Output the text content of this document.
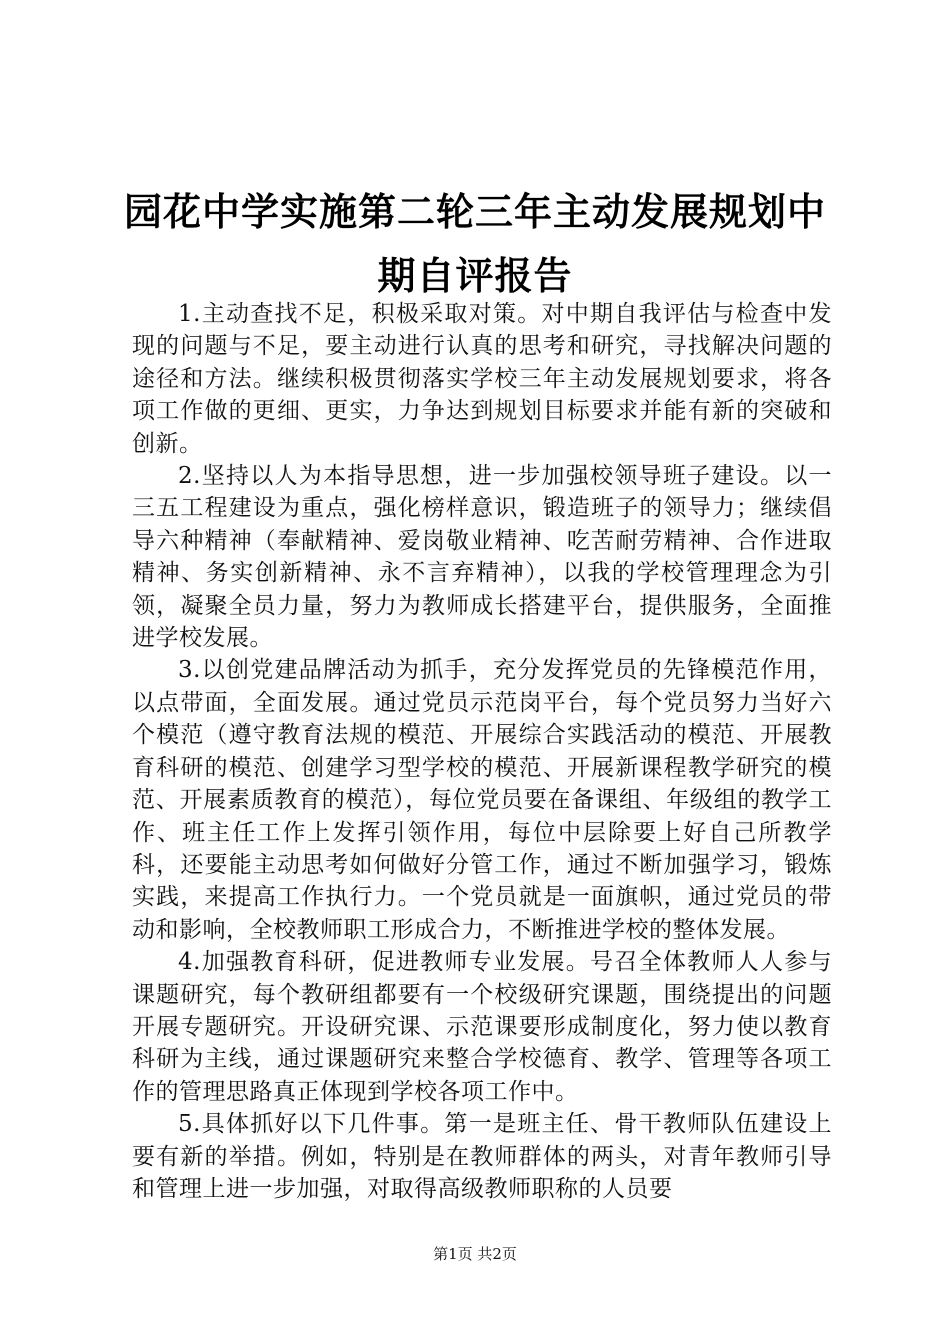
园花中学实施第二轮三年主动发展规划中期自评报告

1.主动查找不足，积极采取对策。对中期自我评估与检查中发现的问题与不足，要主动进行认真的思考和研究，寻找解决问题的途径和方法。继续积极贯彻落实学校三年主动发展规划要求，将各项工作做的更细、更实，力争达到规划目标要求并能有新的突破和创新。

2.坚持以人为本指导思想，进一步加强校领导班子建设。以一三五工程建设为重点，强化榜样意识，锻造班子的领导力；继续倡导六种精神（奉献精神、爱岗敬业精神、吃苦耐劳精神、合作进取精神、务实创新精神、永不言弃精神），以我的学校管理理念为引领，凝聚全员力量，努力为教师成长搭建平台，提供服务，全面推进学校发展。

3.以创党建品牌活动为抓手，充分发挥党员的先锋模范作用，以点带面，全面发展。通过党员示范岗平台，每个党员努力当好六个模范（遵守教育法规的模范、开展综合实践活动的模范、开展教育科研的模范、创建学习型学校的模范、开展新课程教学研究的模范、开展素质教育的模范），每位党员要在备课组、年级组的教学工作、班主任工作上发挥引领作用，每位中层除要上好自己所教学科，还要能主动思考如何做好分管工作，通过不断加强学习，锻炼实践，来提高工作执行力。一个党员就是一面旗帜，通过党员的带动和影响，全校教师职工形成合力，不断推进学校的整体发展。

4.加强教育科研，促进教师专业发展。号召全体教师人人参与课题研究，每个教研组都要有一个校级研究课题，围绕提出的问题开展专题研究。开设研究课、示范课要形成制度化，努力使以教育科研为主线，通过课题研究来整合学校德育、教学、管理等各项工作的管理思路真正体现到学校各项工作中。

5.具体抓好以下几件事。第一是班主任、骨干教师队伍建设上要有新的举措。例如，特别是在教师群体的两头，对青年教师引导和管理上进一步加强，对取得高级教师职称的人员要

第1页 共2页
